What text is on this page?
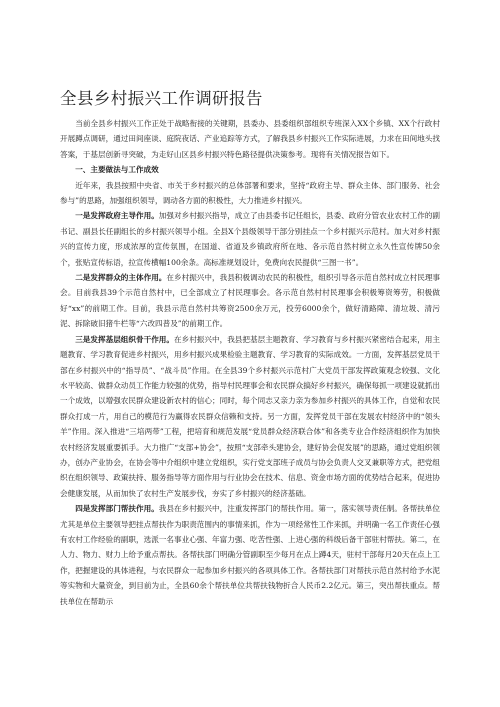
全县乡村振兴工作调研报告

当前全县乡村振兴工作正处于战略衔接的关键期，县委办、县委组织部组织专班深入XX个乡镇、XX个行政村开展蹲点调研，通过田间座谈、庭院夜话、产业追踪等方式，了解我县乡村振兴工作实际进展，力求在田间地头找答案，于基层创新寻突破，为走好山区县乡村振兴特色路径提供决策参考。现将有关情况报告如下。

一、主要做法与工作成效

近年来，我县按照中央省、市关于乡村振兴的总体部署和要求，坚持“政府主导、群众主体、部门服务、社会参与”的思路，加强组织领导，调动各方面的积极性，大力推进乡村振兴。

一是发挥政府主导作用。加强对乡村振兴指导，成立了由县委书记任组长，县委、政府分管农业农村工作的副书记、副县长任副组长的乡村振兴领导小组。全县X个县级领导干部分别挂点一个乡村振兴示范村。加大对乡村振兴的宣传力度，形成浓厚的宣传氛围，在国道、省道及乡镇政府所在地、各示范自然村树立永久性宣传牌50余个，张贴宣传标语，拉宣传横幅100余条。高标准规划设计，免费向农民提供“三图一书”。

二是发挥群众的主体作用。在乡村振兴中，我县积极调动农民的积极性，组织引导各示范自然村成立村民理事会。目前我县39个示范自然村中，已全部成立了村民理事会。各示范自然村村民理事会积极筹资筹劳，积极做好“xx”的前期工作。目前，我县示范自然村共筹资2500余万元，投劳6000余个，做好清路障、清垃圾、清污泥、拆除破旧猪牛栏等“六改四普及”的前期工作。

三是发挥基层组织骨干作用。在乡村振兴中，我县把基层主题教育、学习教育与乡村振兴紧密结合起来，用主题教育、学习教育促进乡村振兴，用乡村振兴成果检验主题教育、学习教育的实际成效。一方面，发挥基层党员干部在乡村振兴中的“指导员”、“战斗员”作用。在全县39个乡村振兴示范村广大党员干部发挥政策观念较强、文化水平较高、做群众动员工作能力较强的优势，指导村民理事会和农民群众搞好乡村振兴，确保每抓一项建设就抓出一个成效，以增强农民群众建设新农村的信心；同时，每个同志又亲力亲为参加乡村振兴的具体工作，自觉和农民群众打成一片，用自己的模范行为赢得农民群众信赖和支持。另一方面，发挥党员干部在发展农村经济中的“领头羊”作用。深入推进“三培两带”工程，把培育和规范发展“党员群众经济联合体”和各类专业合作经济组织作为加快农村经济发展重要抓手。大力推广“支部+协会”，按照“支部牵头建协会，建好协会促发展”的思路，通过党组织领办，创办产业协会，在协会等中介组织中建立党组织，实行党支部班子成员与协会负责人交叉兼职等方式，把党组织在组织领导、政策扶持、服务指导等方面作用与行业协会在技术、信息、资金市场方面的优势结合起来，促进协会健康发展，从而加快了农村生产发展步伐，夯实了乡村振兴的经济基础。

四是发挥部门帮扶作用。我县在乡村振兴中，注重发挥部门的帮扶作用。第一，落实领导责任制。各帮扶单位尤其是单位主要领导把挂点帮扶作为职责范围内的事情来抓，作为一项经常性工作来抓，并明确一名工作责任心强有农村工作经验的副职，选派一名事业心强、年富力强、吃苦性强、上进心强的科级后备干部驻村帮扶。第二，在人力、物力、财力上给予重点帮扶。各帮扶部门明确分管副职至少每月在点上蹲4天，驻村干部每月20天在点上工作，把握建设的具体进程，与农民群众一起参加乡村振兴的各项具体工作。各帮扶部门对帮扶示范自然村给予水泥等实物和大量资金，到目前为止，全县60余个帮扶单位共帮扶钱物折合人民币2.2亿元。第三，突出帮扶重点。帮扶单位在帮助示
